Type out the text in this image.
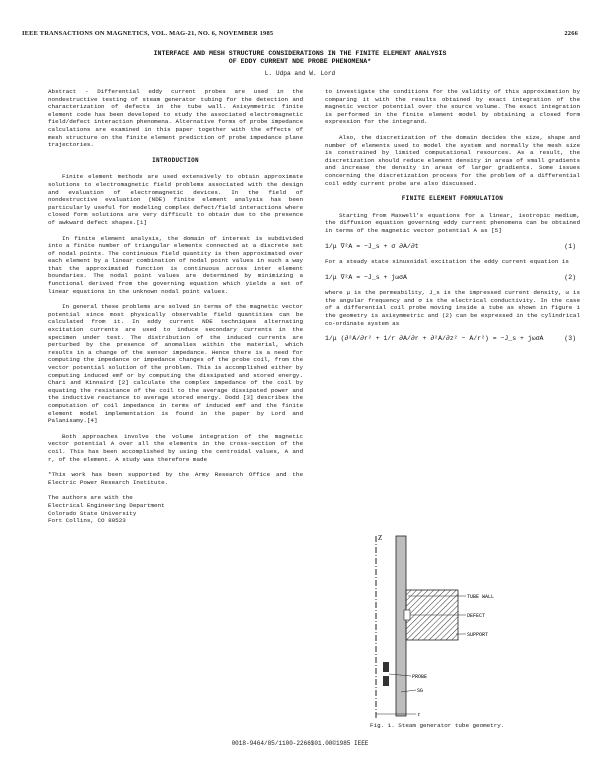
IEEE TRANSACTIONS ON MAGNETICS, VOL. MAG-21, NO. 6, NOVEMBER 1985	2266
INTERFACE AND MESH STRUCTURE CONSIDERATIONS IN THE FINITE ELEMENT ANALYSIS
OF EDDY CURRENT NDE PROBE PHENOMENA*
L. Udpa and W. Lord

Abstract - Differential eddy current probes are used in the nondestructive testing of steam generator tubing for the detection and characterization of defects in the tube wall. Axisymmetric finite element code has been developed to study the associated electromagnetic field/defect interaction phenomena. Alternative forms of probe impedance calculations are examined in this paper together with the effects of mesh structure on the finite element prediction of probe impedance plane trajectories.

INTRODUCTION

Finite element methods are used extensively to obtain approximate solutions to electromagnetic field problems associated with the design and evaluation of electromagnetic devices. In the field of nondestructive evaluation (NDE) finite element analysis has been particularly useful for modeling complex defect/field interactions where closed form solutions are very difficult to obtain due to the presence of awkward defect shapes.[1]

In finite element analysis, the domain of interest is subdivided into a finite number of triangular elements connected at a discrete set of nodal points. The continuous field quantity is then approximated over each element by a linear combination of nodal point values in such a way that the approximated function is continuous across inter element boundaries. The nodal point values are determined by minimizing a functional derived from the governing equation which yields a set of linear equations in the unknown nodal point values.

In general these problems are solved in terms of the magnetic vector potential since most physically observable field quantities can be calculated from it. In eddy current NDE techniques alternating excitation currents are used to induce secondary currents in the specimen under test. The distribution of the induced currents are perturbed by the presence of anomalies within the material, which results in a change of the sensor impedance. Hence there is a need for computing the impedance or impedance changes of the probe coil, from the vector potential solution of the problem. This is accomplished either by computing induced emf or by computing the dissipated and stored energy. Chari and Kinnaird [2] calculate the complex impedance of the coil by equating the resistance of the coil to the average dissipated power and the inductive reactance to average stored energy. Dodd [3] describes the computation of coil impedance in terms of induced emf and the finite element model implementation is found in the paper by Lord and Palanisamy.[4]

Both approaches involve the volume integration of the magnetic vector potential A over all the elements in the cross-section of the coil. This has been accomplished by using the centroidal values, A and r, of the element. A study was therefore made

*This work has been supported by the Army Research Office and the Electric Power Research Institute.

The authors are with the
Electrical Engineering Department
Colorado State University
Fort Collins, CO 80523

to investigate the conditions for the validity of this approximation by comparing it with the results obtained by exact integration of the magnetic vector potential over the source volume. The exact integration is performed in the finite element model by obtaining a closed form expression for the integrand.

Also, the discretization of the domain decides the size, shape and number of elements used to model the system and normally the mesh size is constrained by limited computational resources. As a result, the discretization should reduce element density in areas of small gradients and increase the density in areas of larger gradients. Some issues concerning the discretization process for the problem of a differential coil eddy current probe are also discussed.

FINITE ELEMENT FORMULATION

Starting from Maxwell's equations for a linear, isotropic medium, the diffusion equation governing eddy current phenomena can be obtained in terms of the magnetic vector potential A as [5]

1/μ ∇²A = −J_s + σ ∂A/∂t	(1)

For a steady state sinusoidal excitation the eddy current equation is

1/μ ∇²A = −J_s + jωσA	(2)

where μ is the permeability, J_s is the impressed current density, ω is the angular frequency and σ is the electrical conductivity. In the case of a differential coil probe moving inside a tube as shown in figure 1 the geometry is axisymmetric and (2) can be expressed in the cylindrical co-ordinate system as

1/μ (∂²A/∂r² + 1/r ∂A/∂r + ∂²A/∂z² − A/r²) = −J_s + jωσA	(3)
Z
TUBE WALL
DEFECT
SUPPORT
PROBE
SG
r
Fig. 1. Steam generator tube geometry.
0018-9464/85/1100-2266$01.00©1985 IEEE
